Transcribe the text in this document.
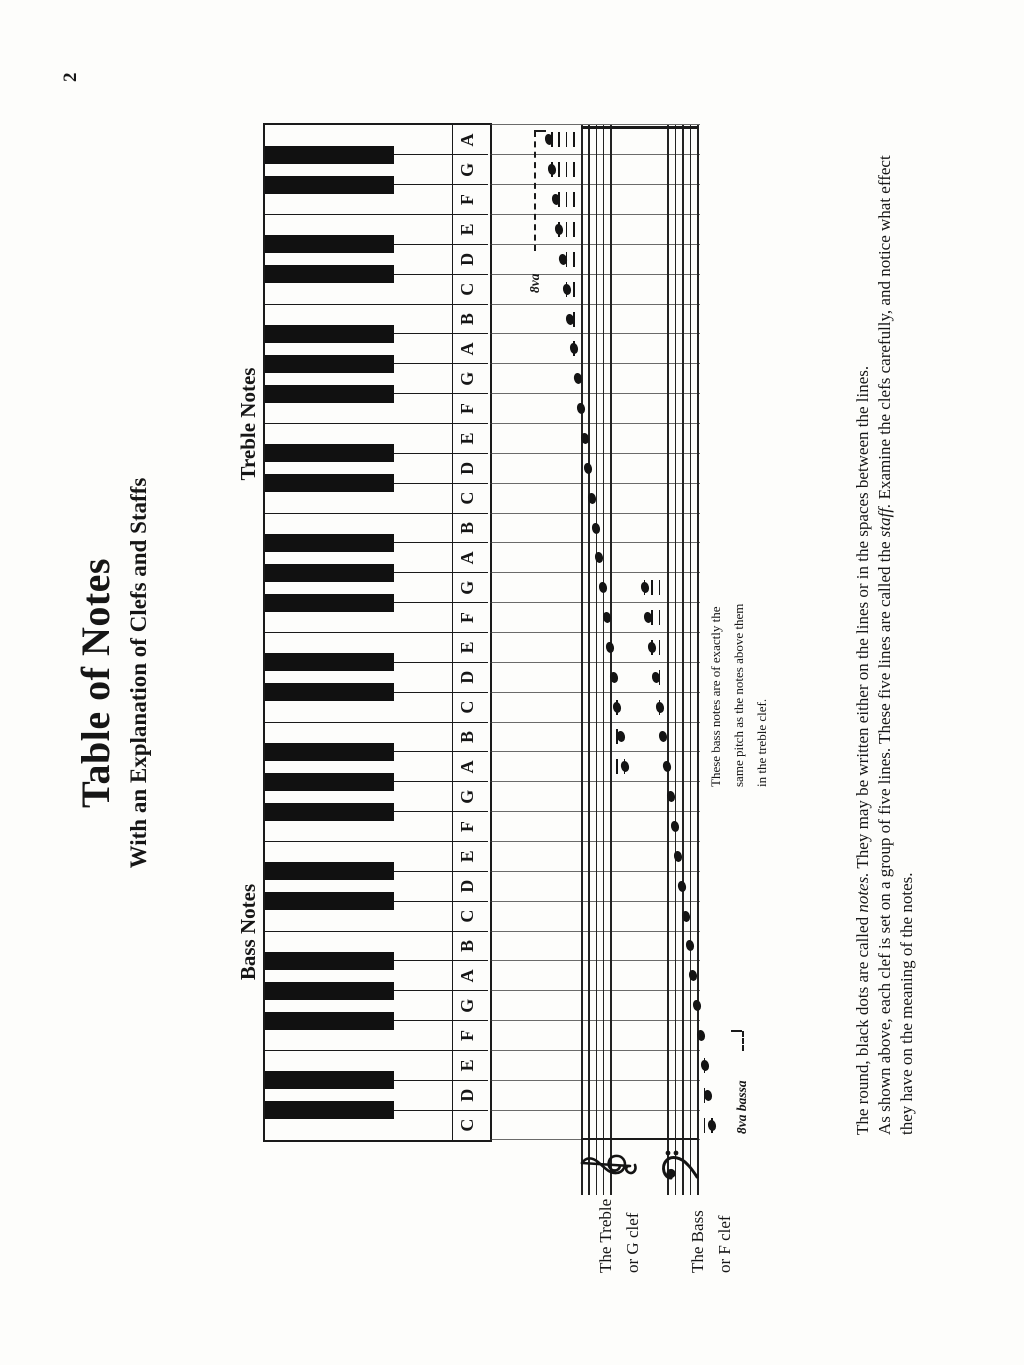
2
Table of Notes With an Explanation of Clefs and Staffs
Bass Notes
Treble Notes
C
D
E
F
G
A
B
C
D
E
F
G
A
B
C
D
E
F
G
A
B
C
D
E
F
G
A
B
C
D
E
F
G
A
The Treble or G clef	The Bass or F clef
8va
8va bassa
These bass notes are of exactly the same pitch as the notes above them in the treble clef.
The round, black dots are called notes. They may be written either on the lines or in the spaces between the lines. As shown above, each clef is set on a group of five lines. These five lines are called the staff. Examine the clefs carefully, and notice what effect
they have on the meaning of the notes.
